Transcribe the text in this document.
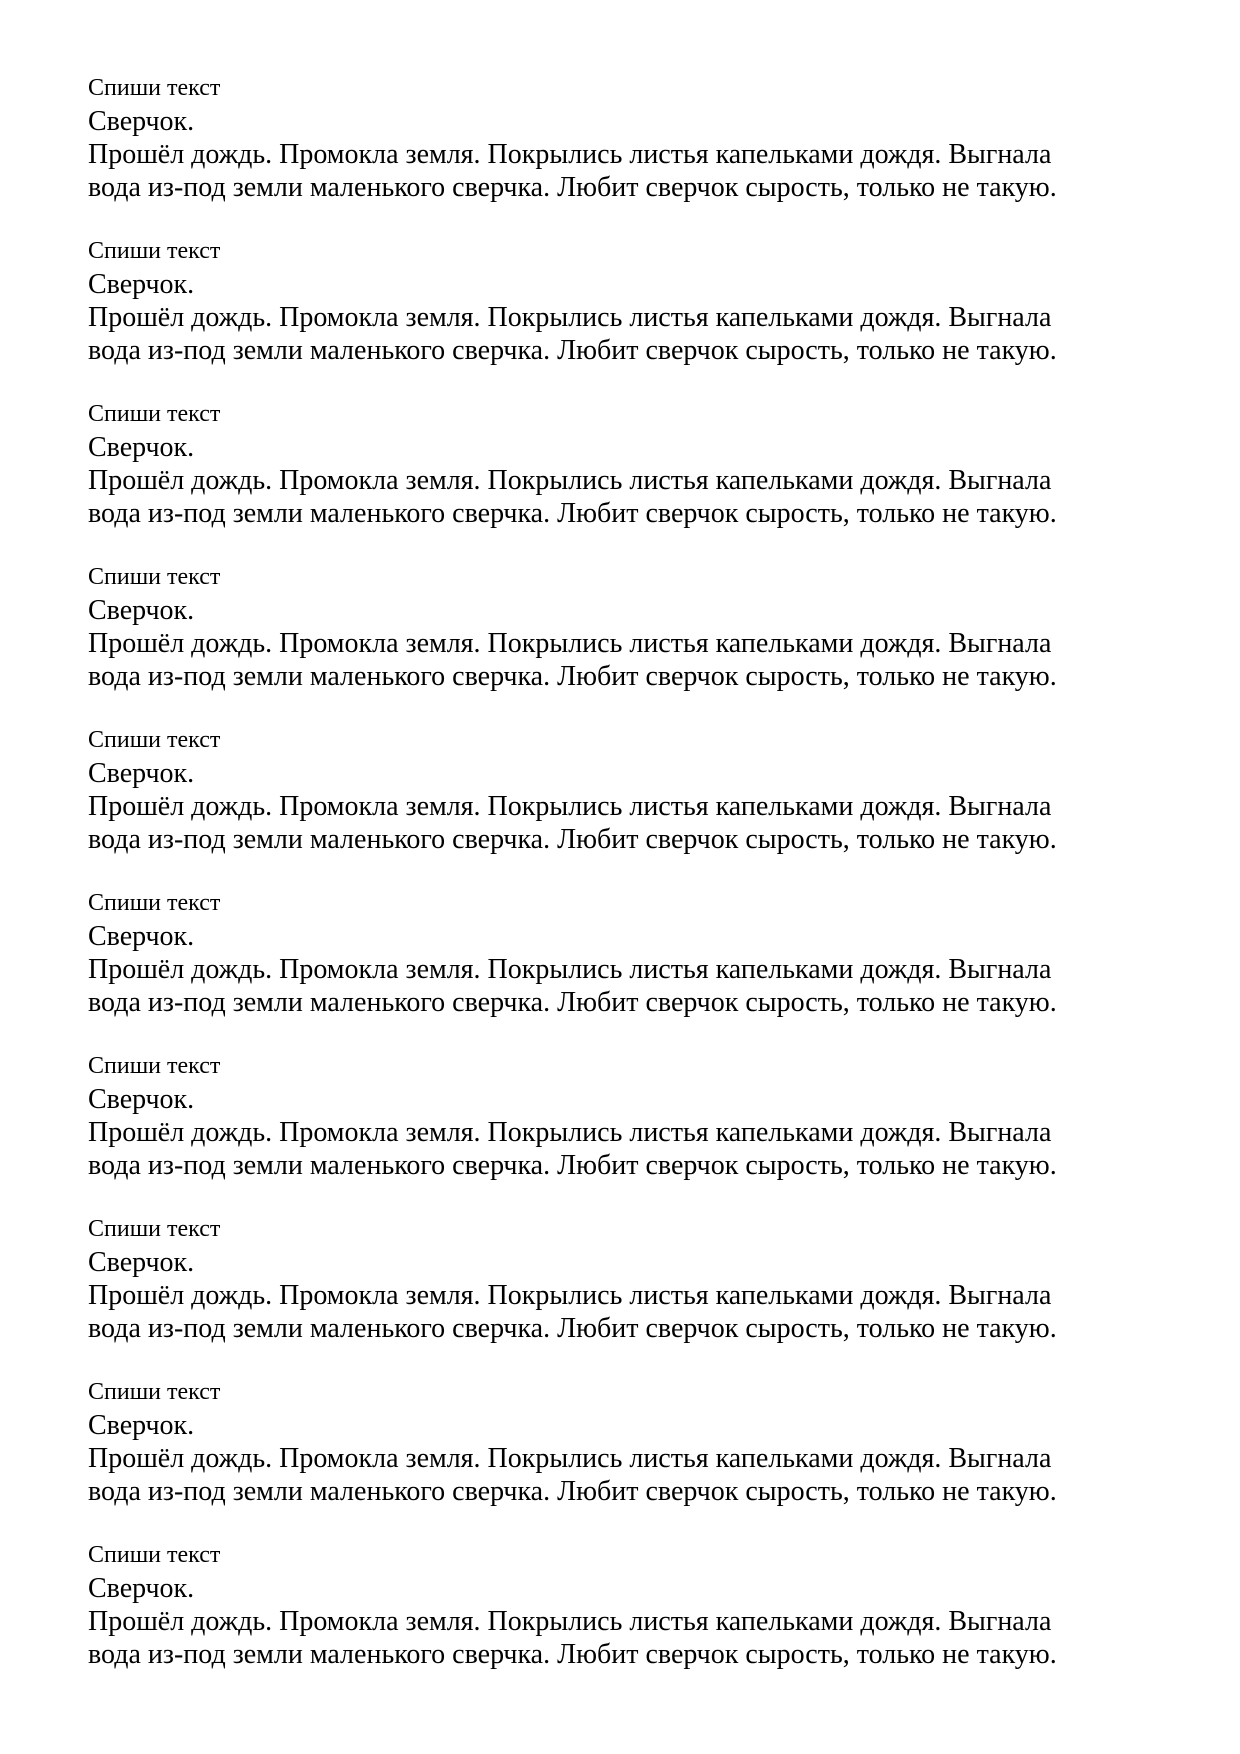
Спиши текст

Сверчок.

Прошёл дождь. Промокла земля. Покрылись листья капельками дождя. Выгнала
вода из-под земли маленького сверчка. Любит сверчок сырость, только не такую.

Спиши текст

Сверчок.

Прошёл дождь. Промокла земля. Покрылись листья капельками дождя. Выгнала
вода из-под земли маленького сверчка. Любит сверчок сырость, только не такую.

Спиши текст

Сверчок.

Прошёл дождь. Промокла земля. Покрылись листья капельками дождя. Выгнала
вода из-под земли маленького сверчка. Любит сверчок сырость, только не такую.

Спиши текст

Сверчок.

Прошёл дождь. Промокла земля. Покрылись листья капельками дождя. Выгнала
вода из-под земли маленького сверчка. Любит сверчок сырость, только не такую.

Спиши текст

Сверчок.

Прошёл дождь. Промокла земля. Покрылись листья капельками дождя. Выгнала
вода из-под земли маленького сверчка. Любит сверчок сырость, только не такую.

Спиши текст

Сверчок.

Прошёл дождь. Промокла земля. Покрылись листья капельками дождя. Выгнала
вода из-под земли маленького сверчка. Любит сверчок сырость, только не такую.

Спиши текст

Сверчок.

Прошёл дождь. Промокла земля. Покрылись листья капельками дождя. Выгнала
вода из-под земли маленького сверчка. Любит сверчок сырость, только не такую.

Спиши текст

Сверчок.

Прошёл дождь. Промокла земля. Покрылись листья капельками дождя. Выгнала
вода из-под земли маленького сверчка. Любит сверчок сырость, только не такую.

Спиши текст

Сверчок.

Прошёл дождь. Промокла земля. Покрылись листья капельками дождя. Выгнала
вода из-под земли маленького сверчка. Любит сверчок сырость, только не такую.

Спиши текст

Сверчок.

Прошёл дождь. Промокла земля. Покрылись листья капельками дождя. Выгнала
вода из-под земли маленького сверчка. Любит сверчок сырость, только не такую.
